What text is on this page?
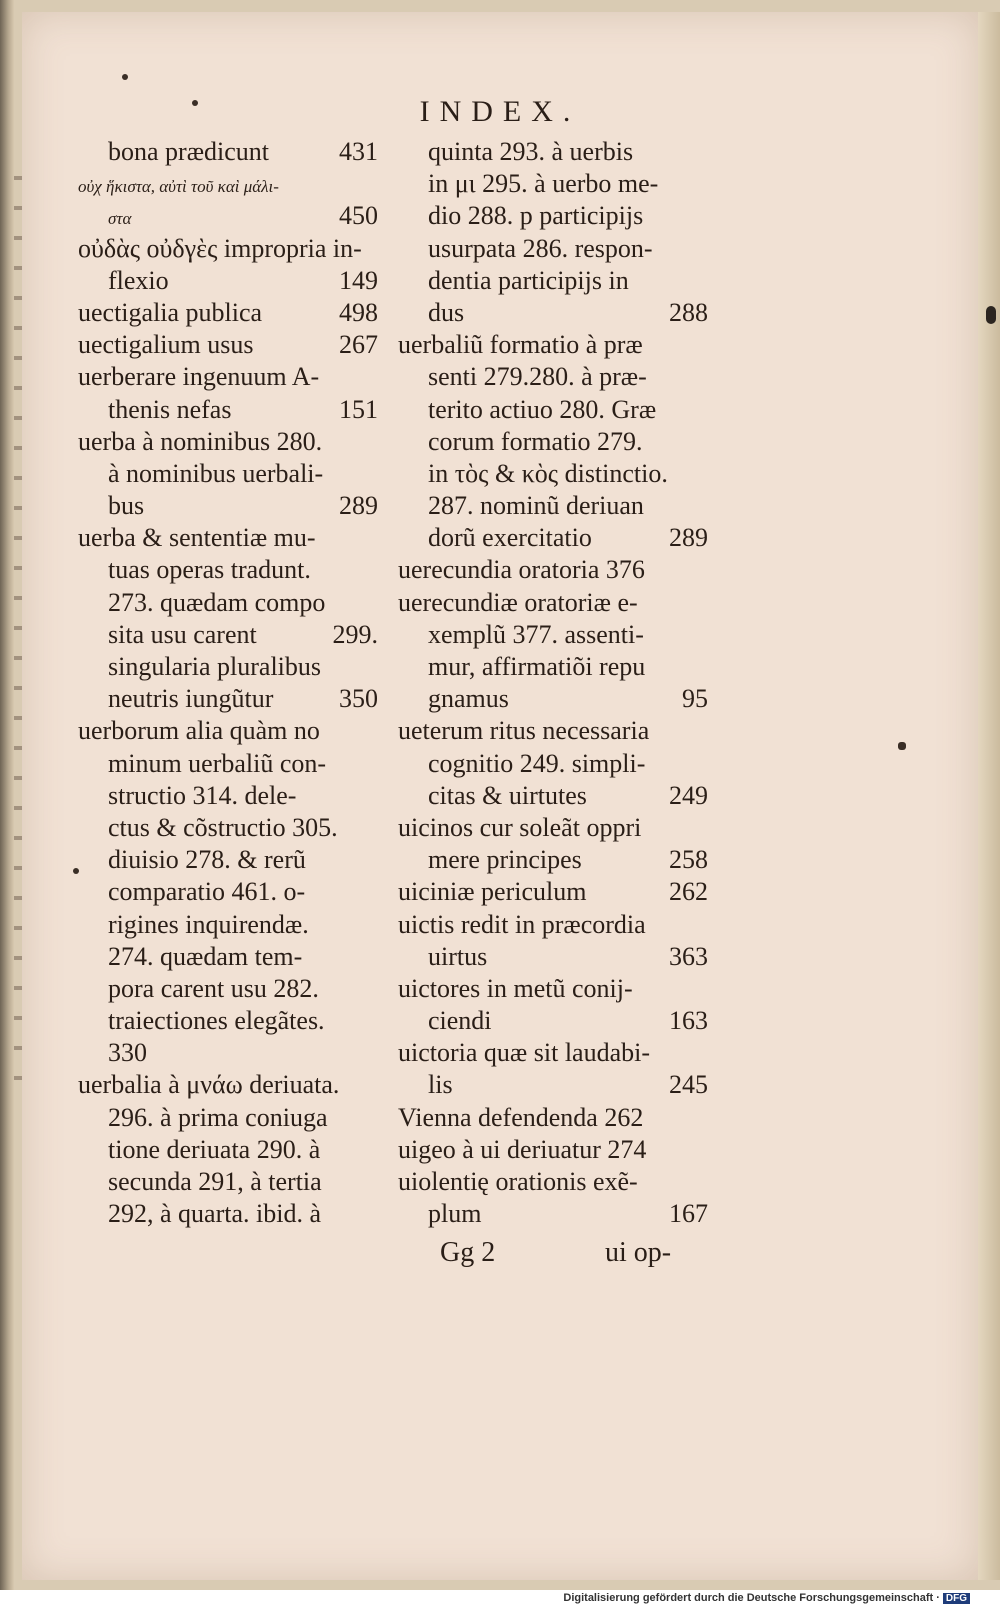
INDEX.
bona prædicunt	431
οὐχ ἥκιστα, αὐτὶ τοῦ καὶ μάλι-
στα	450
οὐδὰς οὐδγὲς impropria in-
flexio	149
uectigalia publica	498
uectigalium usus	267
uerberare ingenuum A-
thenis nefas	151
uerba à nominibus 280.
à nominibus uerbali-
bus	289
uerba & sententiæ mu-
tuas operas tradunt.
273. quædam compo
sita usu carent	299.
singularia pluralibus
neutris iungũtur	350
uerborum alia quàm no
minum uerbaliũ con-
structio 314. dele-
ctus & cõstructio 305.
diuisio 278. & rerũ
comparatio 461. o-
rigines inquirendæ.
274. quædam tem-
pora carent usu 282.
traiectiones elegãtes.
330
uerbalia à μνάω deriuata.
296. à prima coniuga
tione deriuata 290. à
secunda 291, à tertia
292, à quarta. ibid. à
quinta 293. à uerbis
in μι 295. à uerbo me-
dio 288. p participijs
usurpata 286. respon-
dentia participijs in
dus	288
uerbaliũ formatio à præ
senti 279.280. à præ-
terito actiuo 280. Græ
corum formatio 279.
in τὸς & κὸς distinctio.
287. nominũ deriuan
dorũ exercitatio	289
uerecundia oratoria 376
uerecundiæ oratoriæ e-
xemplũ 377. assenti-
mur, affirmatiõi repu
gnamus	95
ueterum ritus necessaria
cognitio 249. simpli-
citas & uirtutes	249
uicinos cur soleãt oppri
mere principes	258
uiciniæ periculum	262
uictis redit in præcordia
uirtus	363
uictores in metũ conij-
ciendi	163
uictoria quæ sit laudabi-
lis	245
Vienna defendenda 262
uigeo à ui deriuatur 274
uiolentię orationis exẽ-
plum	167
Gg 2	ui op-
Digitalisierung gefördert durch die Deutsche Forschungsgemeinschaft · DFG
